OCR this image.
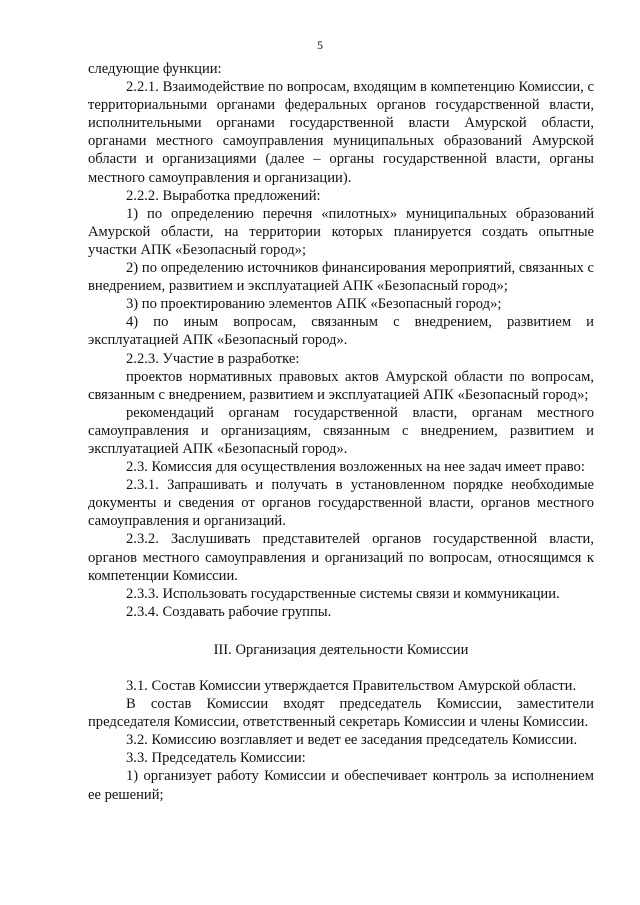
5

следующие функции:

2.2.1. Взаимодействие по вопросам, входящим в компетенцию Комиссии, с территориальными органами федеральных органов государственной власти, исполнительными органами государственной власти Амурской области, органами местного самоуправления муниципальных образований Амурской области и организациями (далее – органы государственной власти, органы местного самоуправления и организации).

2.2.2. Выработка предложений:

1) по определению перечня «пилотных» муниципальных образований Амурской области, на территории которых планируется создать опытные участки АПК «Безопасный город»;

2) по определению источников финансирования мероприятий, связанных с внедрением, развитием и эксплуатацией АПК «Безопасный город»;

3) по проектированию элементов АПК «Безопасный город»;

4) по иным вопросам, связанным с внедрением, развитием и эксплуатацией АПК «Безопасный город».

2.2.3. Участие в разработке:

проектов нормативных правовых актов Амурской области по вопросам, связанным с внедрением, развитием и эксплуатацией АПК «Безопасный город»;

рекомендаций органам государственной власти, органам местного самоуправления и организациям, связанным с внедрением, развитием и эксплуатацией АПК «Безопасный город».

2.3. Комиссия для осуществления возложенных на нее задач имеет право:

2.3.1. Запрашивать и получать в установленном порядке необходимые документы и сведения от органов государственной власти, органов местного самоуправления и организаций.

2.3.2. Заслушивать представителей органов государственной власти, органов местного самоуправления и организаций по вопросам, относящимся к компетенции Комиссии.

2.3.3. Использовать государственные системы связи и коммуникации.

2.3.4. Создавать рабочие группы.

III. Организация деятельности Комиссии

3.1. Состав Комиссии утверждается Правительством Амурской области.

В состав Комиссии входят председатель Комиссии, заместители председателя Комиссии, ответственный секретарь Комиссии и члены Комиссии.

3.2. Комиссию возглавляет и ведет ее заседания председатель Комиссии.

3.3. Председатель Комиссии:

1) организует работу Комиссии и обеспечивает контроль за исполнением ее решений;
